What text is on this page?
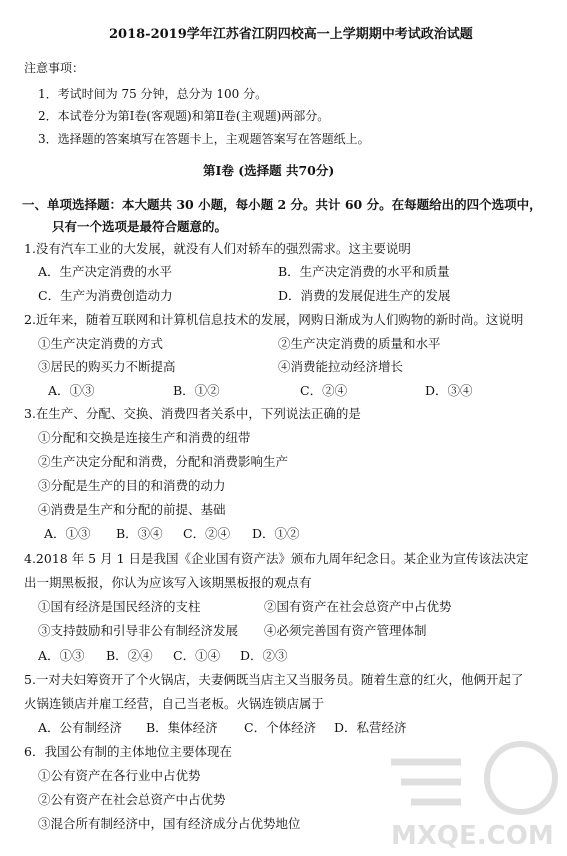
2018-2019学年江苏省江阴四校高一上学期期中考试政治试题
注意事项：
1．考试时间为 75 分钟，总分为 100 分。
2．本试卷分为第Ⅰ卷(客观题)和第Ⅱ卷(主观题)两部分。
3．选择题的答案填写在答题卡上，主观题答案写在答题纸上。
第Ⅰ卷 (选择题 共70分)
一、单项选择题：本大题共 30 小题，每小题 2 分。共计 60 分。在每题给出的四个选项中，
只有一个选项是最符合题意的。
1.没有汽车工业的大发展，就没有人们对轿车的强烈需求。这主要说明
A．生产决定消费的水平	B．生产决定消费的水平和质量
C．生产为消费创造动力	D．消费的发展促进生产的发展
2.近年来，随着互联网和计算机信息技术的发展，网购日渐成为人们购物的新时尚。这说明
①生产决定消费的方式	②生产决定消费的质量和水平
③居民的购买力不断提高	④消费能拉动经济增长
A．①③	B．①②	C．②④	D．③④
3.在生产、分配、交换、消费四者关系中，下列说法正确的是
①分配和交换是连接生产和消费的纽带
②生产决定分配和消费，分配和消费影响生产
③分配是生产的目的和消费的动力
④消费是生产和分配的前提、基础
A．①③ B．③④ C．②④ D．①②
4.2018 年 5 月 1 日是我国《企业国有资产法》颁布九周年纪念日。某企业为宣传该法决定
出一期黑板报，你认为应该写入该期黑板报的观点有
①国有经济是国民经济的支柱	②国有资产在社会总资产中占优势
③支持鼓励和引导非公有制经济发展 ④必须完善国有资产管理体制
A．①③ B．②④ C．①④ D．②③
5.一对夫妇筹资开了个火锅店，夫妻俩既当店主又当服务员。随着生意的红火，他俩开起了
火锅连锁店并雇工经营，自己当老板。火锅连锁店属于
A．公有制经济 B．集体经济 C．个体经济 D．私营经济
6．我国公有制的主体地位主要体现在
①公有资产在各行业中占优势
②公有资产在社会总资产中占优势
③混合所有制经济中，国有经济成分占优势地位	MXQE.COM
